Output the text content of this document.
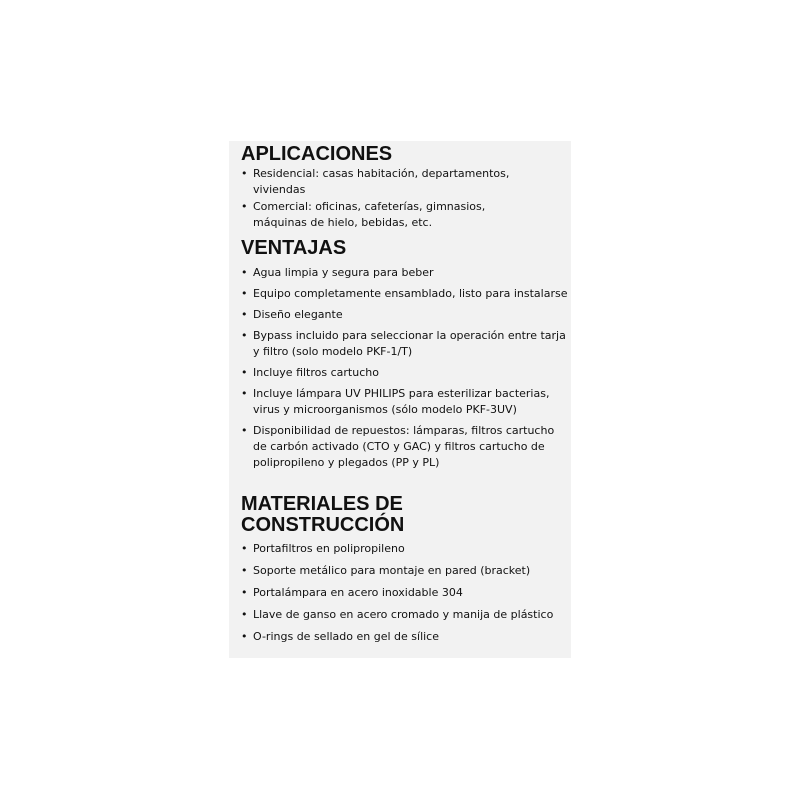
APLICACIONES
• Residencial: casas habitación, departamentos, viviendas
• Comercial: oficinas, cafeterías, gimnasios, máquinas de hielo, bebidas, etc.
VENTAJAS
• Agua limpia y segura para beber
• Equipo completamente ensamblado, listo para instalarse
• Diseño elegante
• Bypass incluido para seleccionar la operación entre tarja y filtro (solo modelo PKF-1/T)
• Incluye filtros cartucho
• Incluye lámpara UV PHILIPS para esterilizar bacterias, virus y microorganismos (sólo modelo PKF-3UV)
• Disponibilidad de repuestos: lámparas, filtros cartucho de carbón activado (CTO y GAC) y filtros cartucho de polipropileno y plegados (PP y PL)
MATERIALES DE CONSTRUCCIÓN
• Portafiltros en polipropileno
• Soporte metálico para montaje en pared (bracket)
• Portalámpara en acero inoxidable 304
• Llave de ganso en acero cromado y manija de plástico
• O-rings de sellado en gel de sílice
